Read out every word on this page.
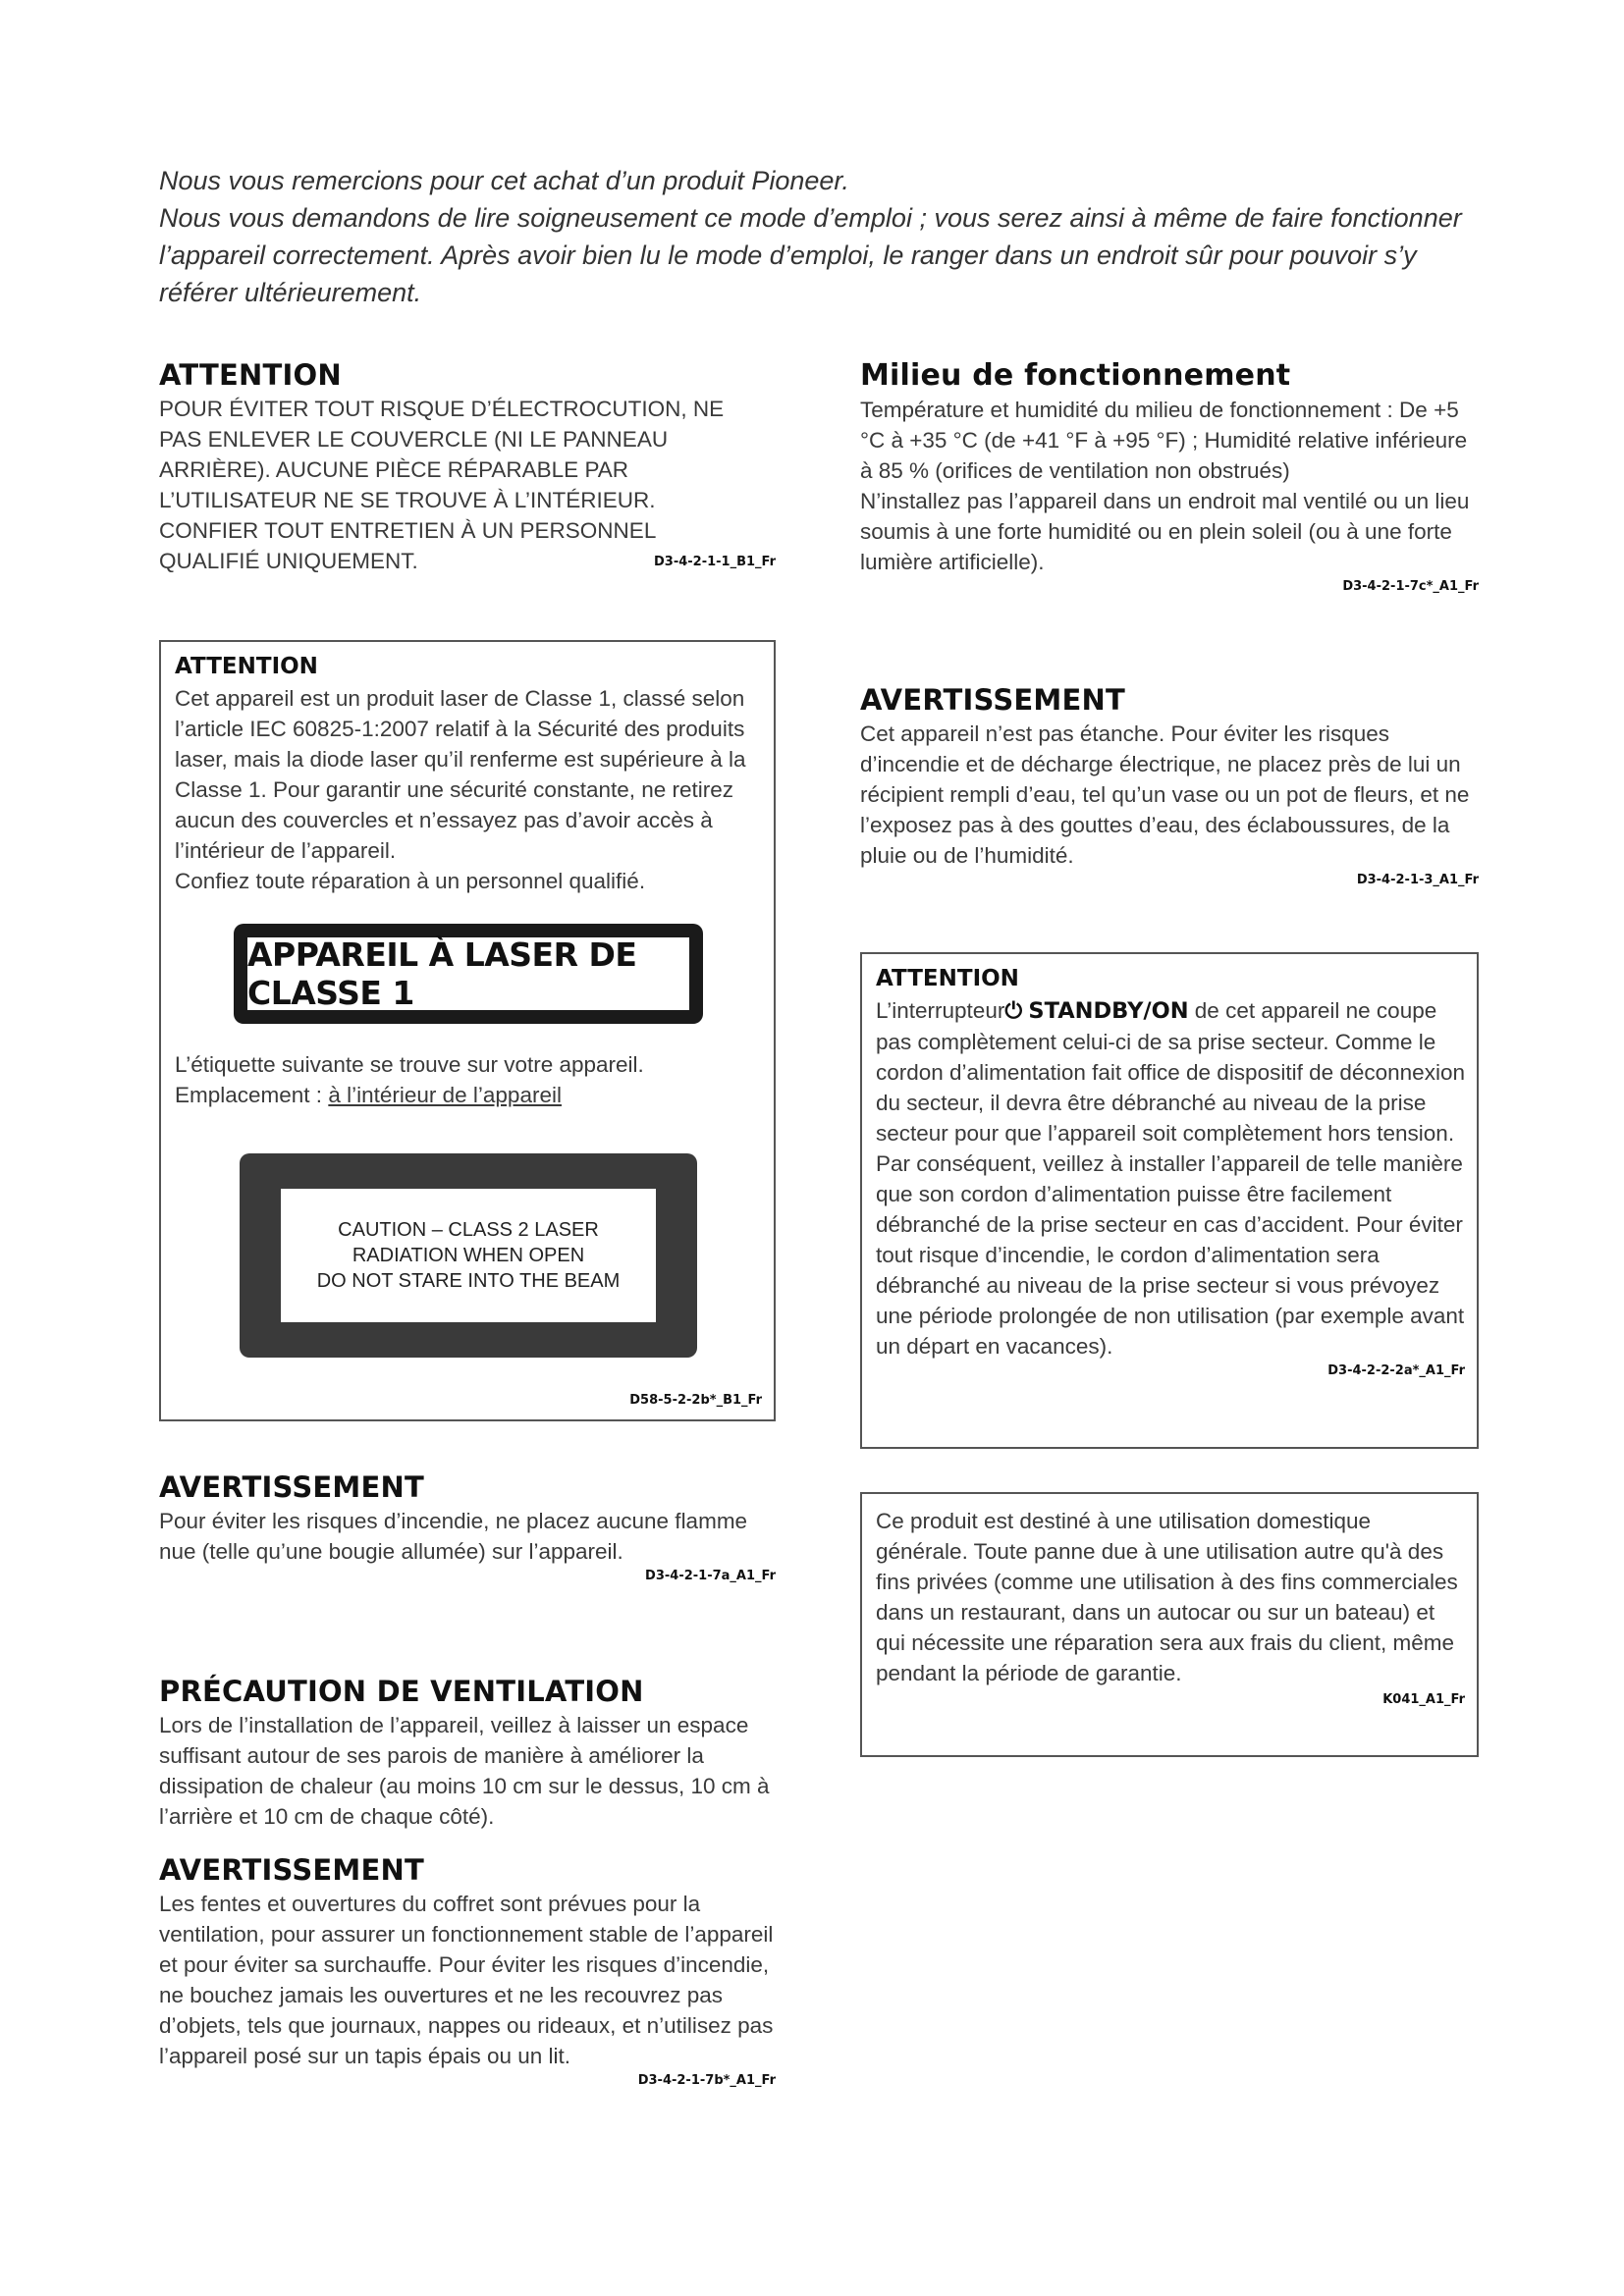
Nous vous remercions pour cet achat d’un produit Pioneer.

Nous vous demandons de lire soigneusement ce mode d’emploi ; vous serez ainsi à même de faire fonctionner l’appareil correctement. Après avoir bien lu le mode d’emploi, le ranger dans un endroit sûr pour pouvoir s’y référer ultérieurement.

ATTENTION

POUR ÉVITER TOUT RISQUE D’ÉLECTROCUTION, NE PAS ENLEVER LE COUVERCLE (NI LE PANNEAU ARRIÈRE). AUCUNE PIÈCE RÉPARABLE PAR L’UTILISATEUR NE SE TROUVE À L’INTÉRIEUR. CONFIER TOUT ENTRETIEN À UN PERSONNEL QUALIFIÉ UNIQUEMENT.	D3-4-2-1-1_B1_Fr
ATTENTION

Cet appareil est un produit laser de Classe 1, classé selon l’article IEC 60825-1:2007 relatif à la Sécurité des produits laser, mais la diode laser qu’il renferme est supérieure à la Classe 1. Pour garantir une sécurité constante, ne retirez aucun des couvercles et n’essayez pas d’avoir accès à l’intérieur de l’appareil.

Confiez toute réparation à un personnel qualifié.

APPAREIL À LASER DE CLASSE 1

L’étiquette suivante se trouve sur votre appareil.

Emplacement : à l’intérieur de l’appareil

CAUTION – CLASS 2 LASER
RADIATION WHEN OPEN
DO NOT STARE INTO THE BEAM
D58-5-2-2b*_B1_Fr
AVERTISSEMENT

Pour éviter les risques d’incendie, ne placez aucune flamme nue (telle qu’une bougie allumée) sur l’appareil.

D3-4-2-1-7a_A1_Fr
PRÉCAUTION DE VENTILATION

Lors de l’installation de l’appareil, veillez à laisser un espace suffisant autour de ses parois de manière à améliorer la dissipation de chaleur (au moins 10 cm sur le dessus, 10 cm à l’arrière et 10 cm de chaque côté).

AVERTISSEMENT

Les fentes et ouvertures du coffret sont prévues pour la ventilation, pour assurer un fonctionnement stable de l’appareil et pour éviter sa surchauffe. Pour éviter les risques d’incendie, ne bouchez jamais les ouvertures et ne les recouvrez pas d’objets, tels que journaux, nappes ou rideaux, et n’utilisez pas l’appareil posé sur un tapis épais ou un lit.

D3-4-2-1-7b*_A1_Fr
Milieu de fonctionnement

Température et humidité du milieu de fonctionnement : De +5 °C à +35 °C (de +41 °F à +95 °F) ; Humidité relative inférieure à 85 % (orifices de ventilation non obstrués)

N’installez pas l’appareil dans un endroit mal ventilé ou un lieu soumis à une forte humidité ou en plein soleil (ou à une forte lumière artificielle).

D3-4-2-1-7c*_A1_Fr
AVERTISSEMENT

Cet appareil n’est pas étanche. Pour éviter les risques d’incendie et de décharge électrique, ne placez près de lui un récipient rempli d’eau, tel qu’un vase ou un pot de fleurs, et ne l’exposez pas à des gouttes d’eau, des éclaboussures, de la pluie ou de l’humidité.

D3-4-2-1-3_A1_Fr
ATTENTION

L’interrupteur⏻ STANDBY/ON de cet appareil ne coupe pas complètement celui-ci de sa prise secteur. Comme le cordon d’alimentation fait office de dispositif de déconnexion du secteur, il devra être débranché au niveau de la prise secteur pour que l’appareil soit complètement hors tension. Par conséquent, veillez à installer l’appareil de telle manière que son cordon d’alimentation puisse être facilement débranché de la prise secteur en cas d’accident. Pour éviter tout risque d’incendie, le cordon d’alimentation sera débranché au niveau de la prise secteur si vous prévoyez une période prolongée de non utilisation (par exemple avant un départ en vacances).

D3-4-2-2-2a*_A1_Fr

Ce produit est destiné à une utilisation domestique générale. Toute panne due à une utilisation autre qu'à des fins privées (comme une utilisation à des fins commerciales dans un restaurant, dans un autocar ou sur un bateau) et qui nécessite une réparation sera aux frais du client, même pendant la période de garantie.

K041_A1_Fr
